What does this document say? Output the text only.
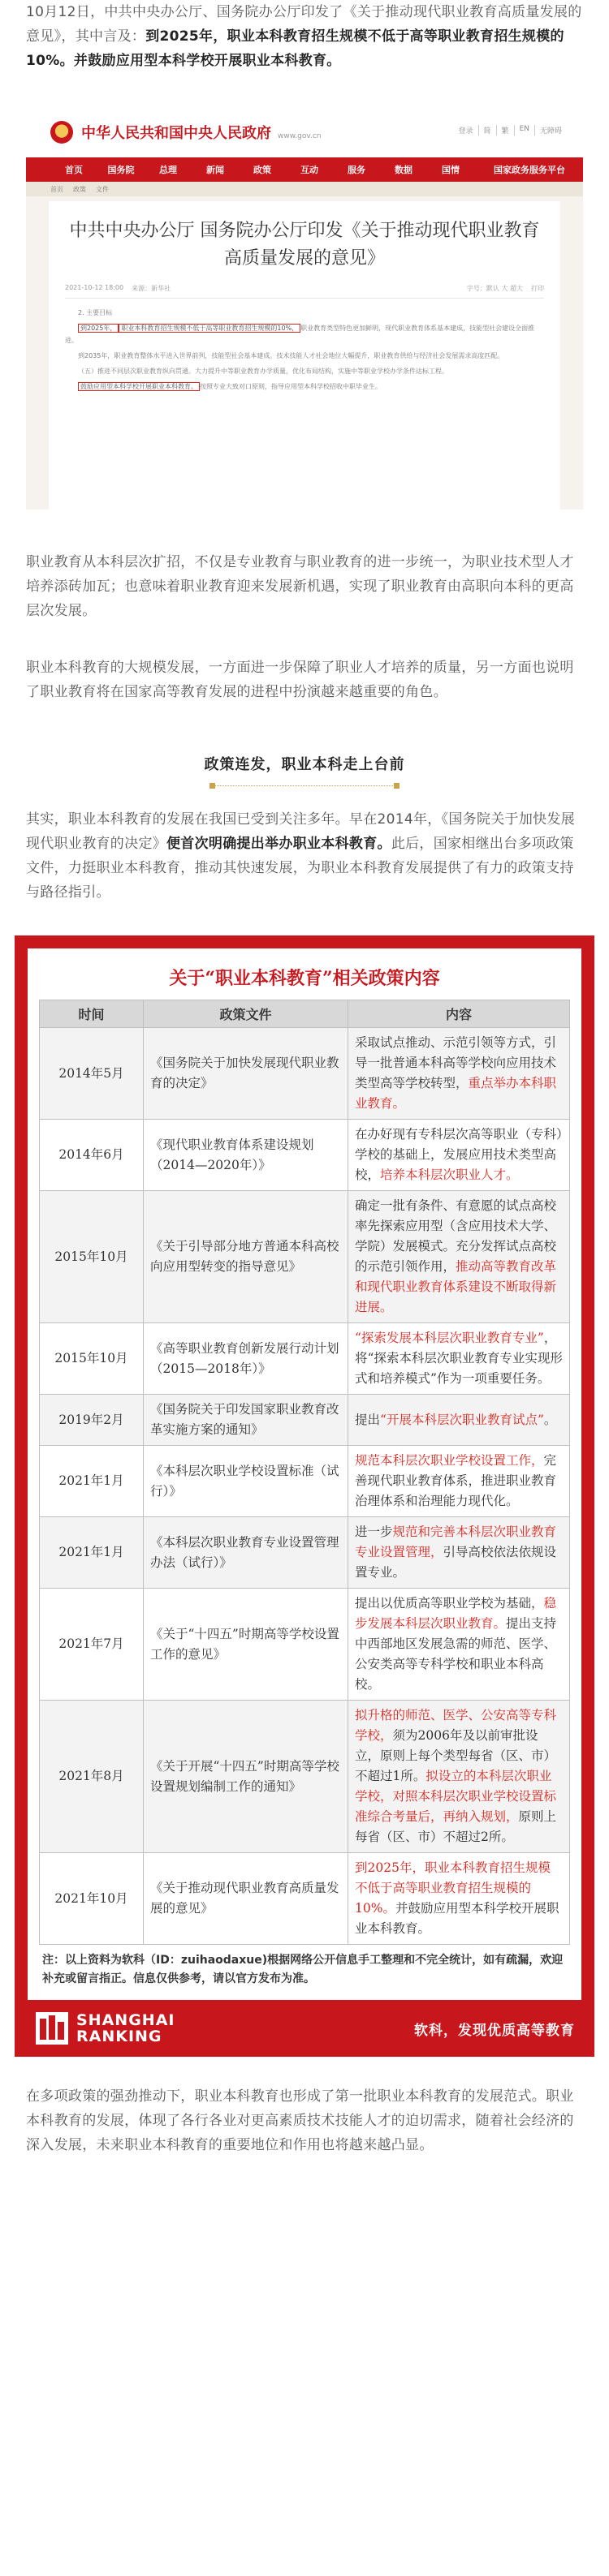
10月12日，中共中央办公厅、国务院办公厅印发了《关于推动现代职业教育高质量发展的意见》，其中言及：到2025年，职业本科教育招生规模不低于高等职业教育招生规模的10%。并鼓励应用型本科学校开展职业本科教育。

中华人民共和国中央人民政府 www.gov.cn
登录	简	繁	EN	无障碍
首页	国务院	总理	新闻	政策	互动	服务	数据	国情	国家政务服务平台
首页 政策 文件
中共中央办公厅 国务院办公厅印发《关于推动现代职业教育高质量发展的意见》
2021-10-12 18:00 来源：新华社	字号：默认 大 超大 打印

2. 主要目标

到2025年， 职业本科教育招生规模不低于高等职业教育招生规模的10%， 职业教育类型特色更加鲜明，现代职业教育体系基本建成，技能型社会建设全面推进。

到2035年，职业教育整体水平进入世界前列，技能型社会基本建成。技术技能人才社会地位大幅提升，职业教育供给与经济社会发展需求高度匹配。

（五）推进不同层次职业教育纵向贯通。大力提升中等职业教育办学质量，优化布局结构，实施中等职业学校办学条件达标工程。

鼓励应用型本科学校开展职业本科教育。 按照专业大致对口原则，指导应用型本科学校招收中职毕业生。

职业教育从本科层次扩招，不仅是专业教育与职业教育的进一步统一，为职业技术型人才培养添砖加瓦；也意味着职业教育迎来发展新机遇，实现了职业教育由高职向本科的更高层次发展。

职业本科教育的大规模发展，一方面进一步保障了职业人才培养的质量，另一方面也说明了职业教育将在国家高等教育发展的进程中扮演越来越重要的角色。

政策连发，职业本科走上台前

其实，职业本科教育的发展在我国已受到关注多年。早在2014年，《国务院关于加快发展现代职业教育的决定》便首次明确提出举办职业本科教育。此后，国家相继出台多项政策文件，力挺职业本科教育，推动其快速发展，为职业本科教育发展提供了有力的政策支持与路径指引。

关于“职业本科教育”相关政策内容
时间	政策文件	内容
2014年5月	《国务院关于加快发展现代职业教育的决定》	采取试点推动、示范引领等方式，引导一批普通本科高等学校向应用技术类型高等学校转型，重点举办本科职业教育。
2014年6月	《现代职业教育体系建设规划（2014—2020年）》	在办好现有专科层次高等职业（专科）学校的基础上，发展应用技术类型高校，培养本科层次职业人才。
2015年10月	《关于引导部分地方普通本科高校向应用型转变的指导意见》	确定一批有条件、有意愿的试点高校率先探索应用型（含应用技术大学、学院）发展模式。充分发挥试点高校的示范引领作用，推动高等教育改革和现代职业教育体系建设不断取得新进展。
2015年10月	《高等职业教育创新发展行动计划（2015—2018年）》	“探索发展本科层次职业教育专业”，将“探索本科层次职业教育专业实现形式和培养模式”作为一项重要任务。
2019年2月	《国务院关于印发国家职业教育改革实施方案的通知》	提出“开展本科层次职业教育试点”。
2021年1月	《本科层次职业学校设置标准（试行）》	规范本科层次职业学校设置工作，完善现代职业教育体系，推进职业教育治理体系和治理能力现代化。
2021年1月	《本科层次职业教育专业设置管理办法（试行）》	进一步规范和完善本科层次职业教育专业设置管理，引导高校依法依规设置专业。
2021年7月	《关于“十四五”时期高等学校设置工作的意见》	提出以优质高等职业学校为基础，稳步发展本科层次职业教育。提出支持中西部地区发展急需的师范、医学、公安类高等专科学校和职业本科高校。
2021年8月	《关于开展“十四五”时期高等学校设置规划编制工作的通知》	拟升格的师范、医学、公安高等专科学校，须为2006年及以前审批设立，原则上每个类型每省（区、市）不超过1所。拟设立的本科层次职业学校，对照本科层次职业学校设置标准综合考量后，再纳入规划，原则上每省（区、市）不超过2所。
2021年10月	《关于推动现代职业教育高质量发展的意见》	到2025年，职业本科教育招生规模不低于高等职业教育招生规模的10%。并鼓励应用型本科学校开展职业本科教育。
注：以上资料为软科（ID：zuihaodaxue)根据网络公开信息手工整理和不完全统计，如有疏漏，欢迎补充或留言指正。信息仅供参考，请以官方发布为准。
SHANGHAI
RANKING	软科，发现优质高等教育

在多项政策的强劲推动下，职业本科教育也形成了第一批职业本科教育的发展范式。职业本科教育的发展，体现了各行各业对更高素质技术技能人才的迫切需求，随着社会经济的深入发展，未来职业本科教育的重要地位和作用也将越来越凸显。
